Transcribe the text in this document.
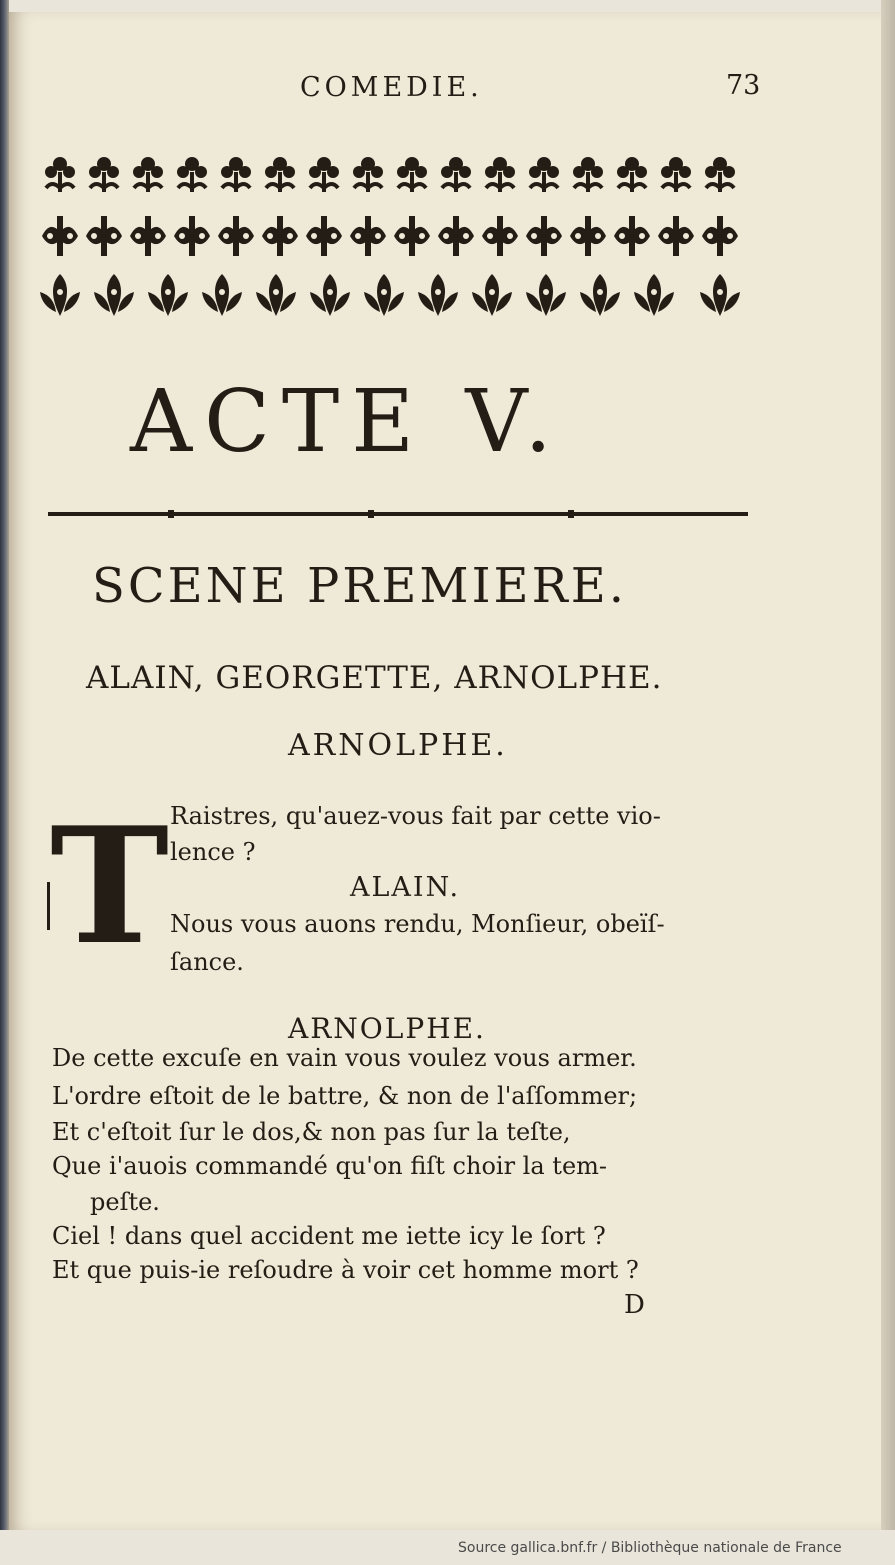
COMEDIE.	73
ACTE V.
SCENE PREMIERE.
ALAIN, GEORGETTE, ARNOLPHE.
ARNOLPHE.
T Raistres, qu'auez-vous fait par cette vio-
lence ?
ALAIN.
Nous vous auons rendu, Monſieur, obeïſ-
ſance.
ARNOLPHE.
De cette excuſe en vain vous voulez vous armer.
L'ordre eſtoit de le battre, & non de l'aſſommer;
Et c'eſtoit ſur le dos,& non pas ſur la teſte,
Que i'auois commandé qu'on fiſt choir la tem-
peſte.
Ciel ! dans quel accident me iette icy le ſort ?
Et que puis-ie reſoudre à voir cet homme mort ?
D
Source gallica.bnf.fr / Bibliothèque nationale de France
